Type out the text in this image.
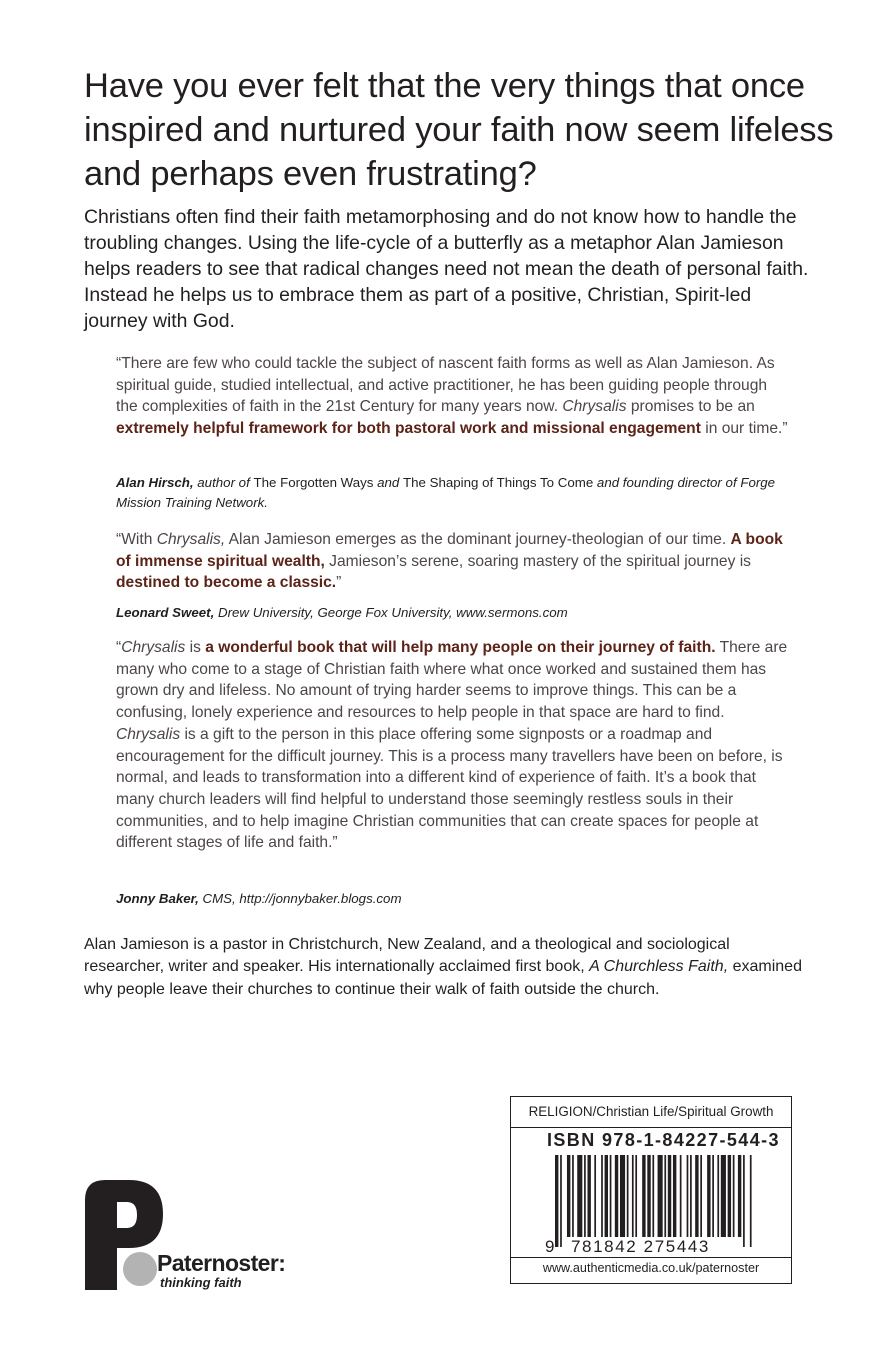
Have you ever felt that the very things that once inspired and nurtured your faith now seem lifeless and perhaps even frustrating?

Christians often find their faith metamorphosing and do not know how to handle the troubling changes. Using the life-cycle of a butterfly as a metaphor Alan Jamieson helps readers to see that radical changes need not mean the death of personal faith. Instead he helps us to embrace them as part of a positive, Christian, Spirit-led journey with God.

“There are few who could tackle the subject of nascent faith forms as well as Alan Jamieson. As spiritual guide, studied intellectual, and active practitioner, he has been guiding people through the complexities of faith in the 21st Century for many years now. Chrysalis promises to be an extremely helpful framework for both pastoral work and missional engagement in our time.”

Alan Hirsch, author of The Forgotten Ways and The Shaping of Things To Come and founding director of Forge Mission Training Network.

“With Chrysalis, Alan Jamieson emerges as the dominant journey-theologian of our time. A book of immense spiritual wealth, Jamieson’s serene, soaring mastery of the spiritual journey is destined to become a classic.”

Leonard Sweet, Drew University, George Fox University, www.sermons.com

“Chrysalis is a wonderful book that will help many people on their journey of faith. There are many who come to a stage of Christian faith where what once worked and sustained them has grown dry and lifeless. No amount of trying harder seems to improve things. This can be a confusing, lonely experience and resources to help people in that space are hard to find. Chrysalis is a gift to the person in this place offering some signposts or a roadmap and encouragement for the difficult journey. This is a process many travellers have been on before, is normal, and leads to transformation into a different kind of experience of faith. It’s a book that many church leaders will find helpful to understand those seemingly restless souls in their communities, and to help imagine Christian communities that can create spaces for people at different stages of life and faith.”

Jonny Baker, CMS, http://jonnybaker.blogs.com

Alan Jamieson is a pastor in Christchurch, New Zealand, and a theological and sociological researcher, writer and speaker. His internationally acclaimed first book, A Churchless Faith, examined why people leave their churches to continue their walk of faith outside the church.

Paternoster:
thinking faith
RELIGION/Christian Life/Spiritual Growth
ISBN 978-1-84227-544-3
9 781842 275443
www.authenticmedia.co.uk/paternoster
